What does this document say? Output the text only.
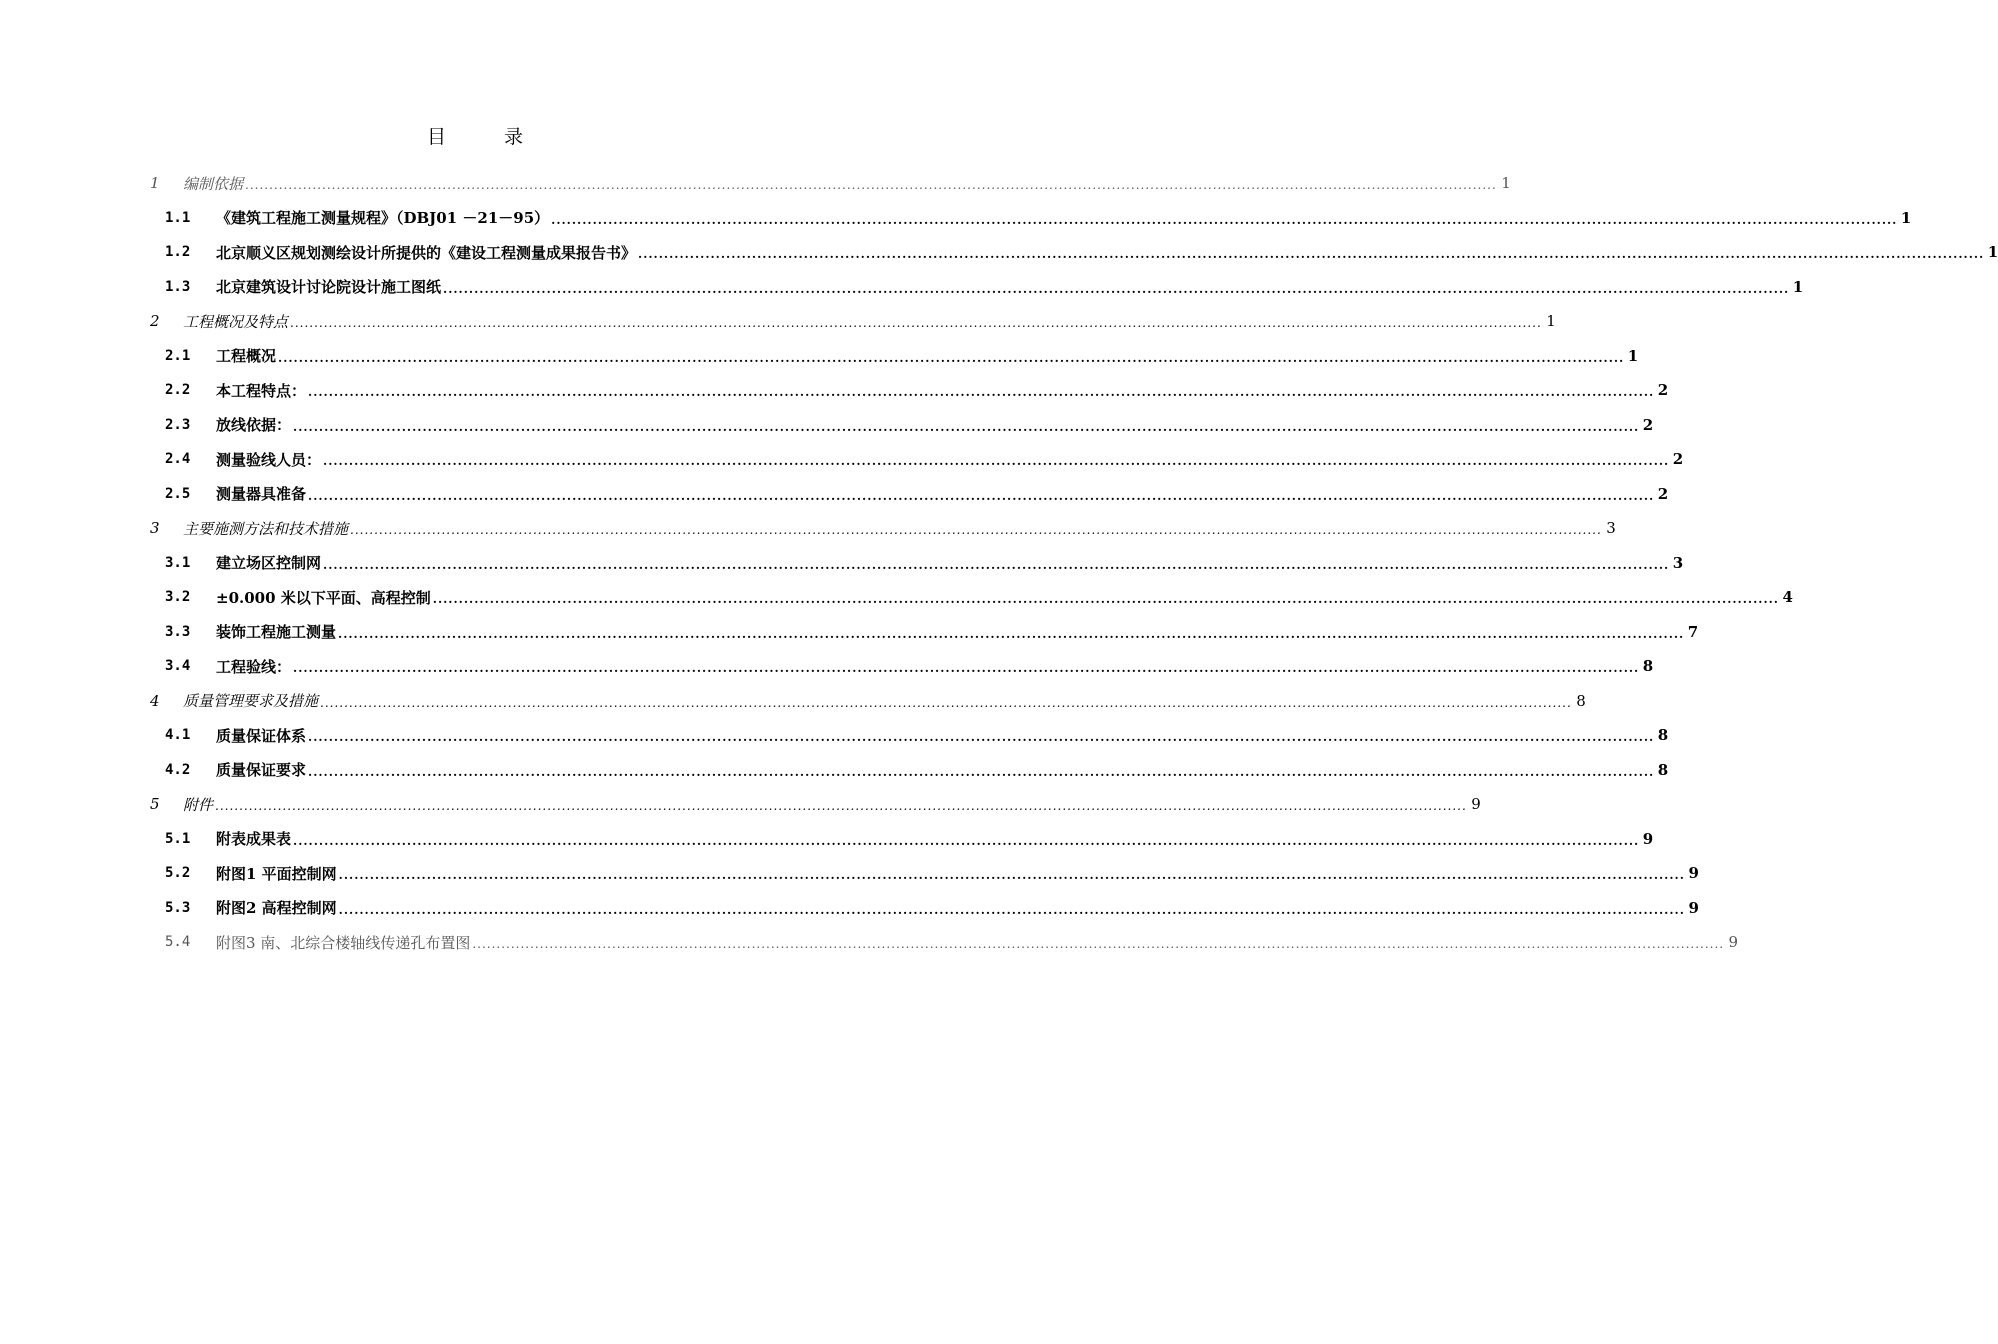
目	录
1 编制依据 .................................................................................................................................................................................................................................................................... 1
1.1 《建筑工程施工测量规程》（DBJ01 －21－95） .................................................................................................................................................................................................................................................................... 1
1.2 北京顺义区规划测绘设计所提供的《建设工程测量成果报告书》 .................................................................................................................................................................................................................................................................... 1
1.3 北京建筑设计讨论院设计施工图纸 .................................................................................................................................................................................................................................................................... 1
2 工程概况及特点 .................................................................................................................................................................................................................................................................... 1
2.1 工程概况 .................................................................................................................................................................................................................................................................... 1
2.2 本工程特点： .................................................................................................................................................................................................................................................................... 2
2.3 放线依据： .................................................................................................................................................................................................................................................................... 2
2.4 测量验线人员： .................................................................................................................................................................................................................................................................... 2
2.5 测量器具准备 .................................................................................................................................................................................................................................................................... 2
3 主要施测方法和技术措施 .................................................................................................................................................................................................................................................................... 3
3.1 建立场区控制网 .................................................................................................................................................................................................................................................................... 3
3.2 ±0.000 米以下平面、高程控制 .................................................................................................................................................................................................................................................................... 4
3.3 装饰工程施工测量 .................................................................................................................................................................................................................................................................... 7
3.4 工程验线： .................................................................................................................................................................................................................................................................... 8
4 质量管理要求及措施 .................................................................................................................................................................................................................................................................... 8
4.1 质量保证体系 .................................................................................................................................................................................................................................................................... 8
4.2 质量保证要求 .................................................................................................................................................................................................................................................................... 8
5 附件 .................................................................................................................................................................................................................................................................... 9
5.1 附表成果表 .................................................................................................................................................................................................................................................................... 9
5.2 附图1 平面控制网 .................................................................................................................................................................................................................................................................... 9
5.3 附图2 高程控制网 .................................................................................................................................................................................................................................................................... 9
5.4 附图3 南、北综合楼轴线传递孔布置图 .................................................................................................................................................................................................................................................................... 9
